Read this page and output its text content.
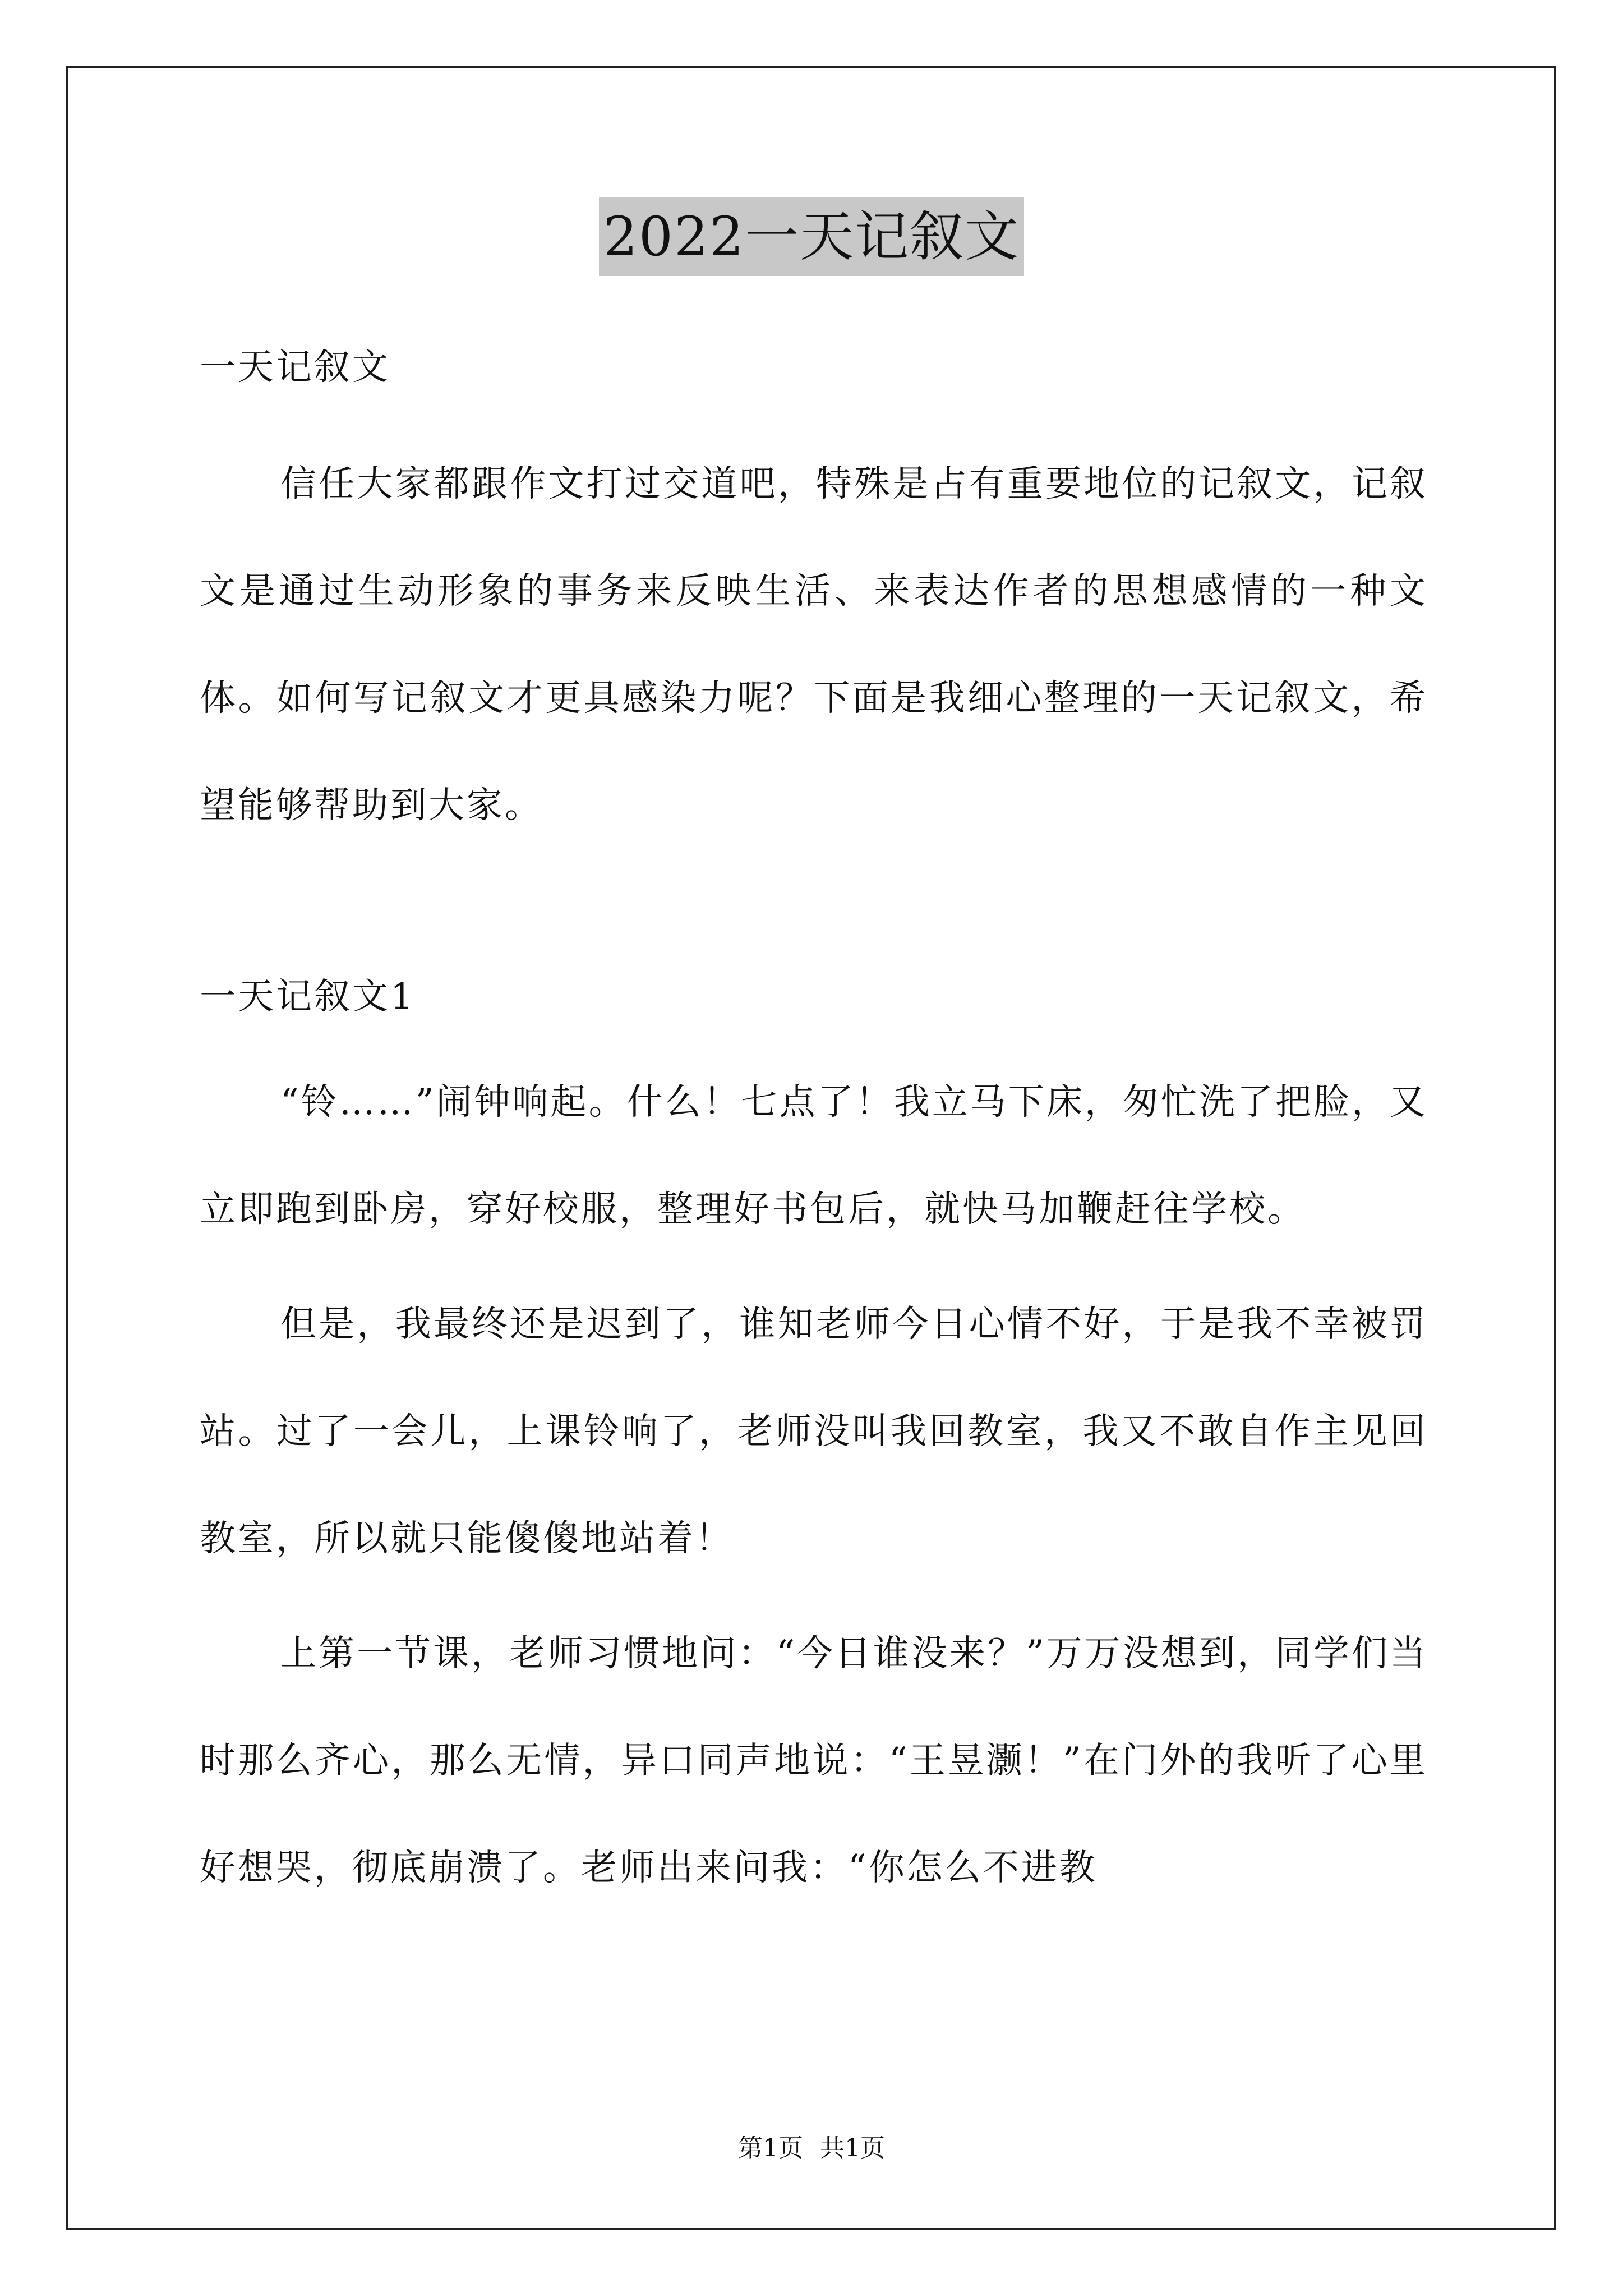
2022一天记叙文

一天记叙文

信任大家都跟作文打过交道吧，特殊是占有重要地位的记叙文，记叙文是通过生动形象的事务来反映生活、来表达作者的思想感情的一种文体。如何写记叙文才更具感染力呢？下面是我细心整理的一天记叙文，希望能够帮助到大家。

一天记叙文1

“铃……”闹钟响起。什么！七点了！我立马下床，匆忙洗了把脸，又立即跑到卧房，穿好校服，整理好书包后，就快马加鞭赶往学校。

但是，我最终还是迟到了，谁知老师今日心情不好，于是我不幸被罚站。过了一会儿，上课铃响了，老师没叫我回教室，我又不敢自作主见回教室，所以就只能傻傻地站着！

上第一节课，老师习惯地问：“今日谁没来？”万万没想到，同学们当时那么齐心，那么无情，异口同声地说：“王昱灏！”在门外的我听了心里好想哭，彻底崩溃了。老师出来问我：“你怎么不进教

第1页 共1页
